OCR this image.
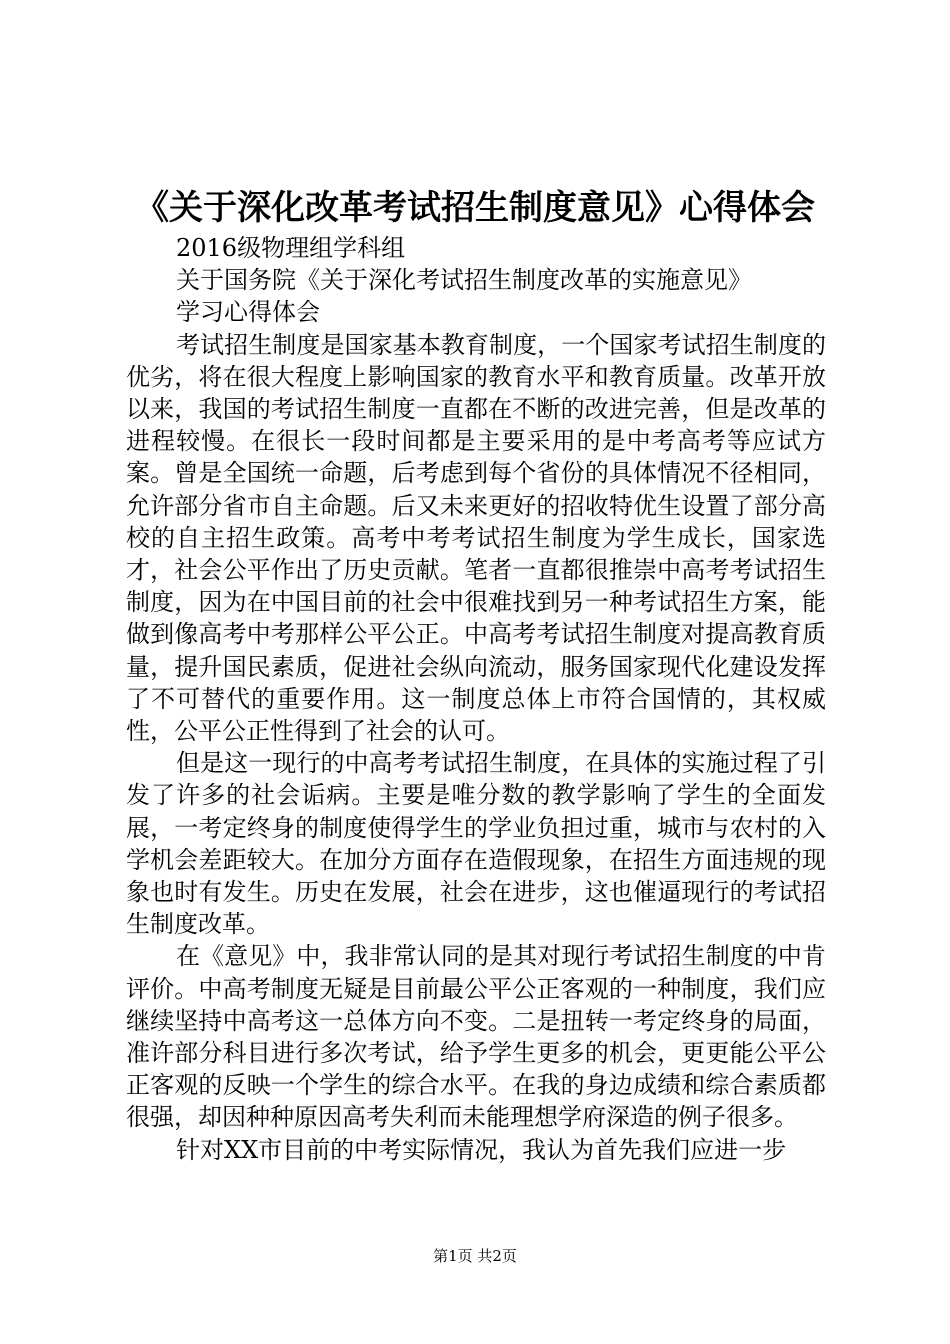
《关于深化改革考试招生制度意见》心得体会

2016级物理组学科组

关于国务院《关于深化考试招生制度改革的实施意见》

学习心得体会

考试招生制度是国家基本教育制度，一个国家考试招生制度的优劣，将在很大程度上影响国家的教育水平和教育质量。改革开放以来，我国的考试招生制度一直都在不断的改进完善，但是改革的进程较慢。在很长一段时间都是主要采用的是中考高考等应试方案。曾是全国统一命题，后考虑到每个省份的具体情况不径相同，允许部分省市自主命题。后又未来更好的招收特优生设置了部分高校的自主招生政策。高考中考考试招生制度为学生成长，国家选才，社会公平作出了历史贡献。笔者一直都很推崇中高考考试招生制度，因为在中国目前的社会中很难找到另一种考试招生方案，能做到像高考中考那样公平公正。中高考考试招生制度对提高教育质量，提升国民素质，促进社会纵向流动，服务国家现代化建设发挥了不可替代的重要作用。这一制度总体上市符合国情的，其权威性，公平公正性得到了社会的认可。

但是这一现行的中高考考试招生制度，在具体的实施过程了引发了许多的社会诟病。主要是唯分数的教学影响了学生的全面发展，一考定终身的制度使得学生的学业负担过重，城市与农村的入学机会差距较大。在加分方面存在造假现象，在招生方面违规的现象也时有发生。历史在发展，社会在进步，这也催逼现行的考试招生制度改革。

在《意见》中，我非常认同的是其对现行考试招生制度的中肯评价。中高考制度无疑是目前最公平公正客观的一种制度，我们应继续坚持中高考这一总体方向不变。二是扭转一考定终身的局面，准许部分科目进行多次考试，给予学生更多的机会，更更能公平公正客观的反映一个学生的综合水平。在我的身边成绩和综合素质都很强，却因种种原因高考失利而未能理想学府深造的例子很多。

针对XX市目前的中考实际情况，我认为首先我们应进一步

第1页 共2页
